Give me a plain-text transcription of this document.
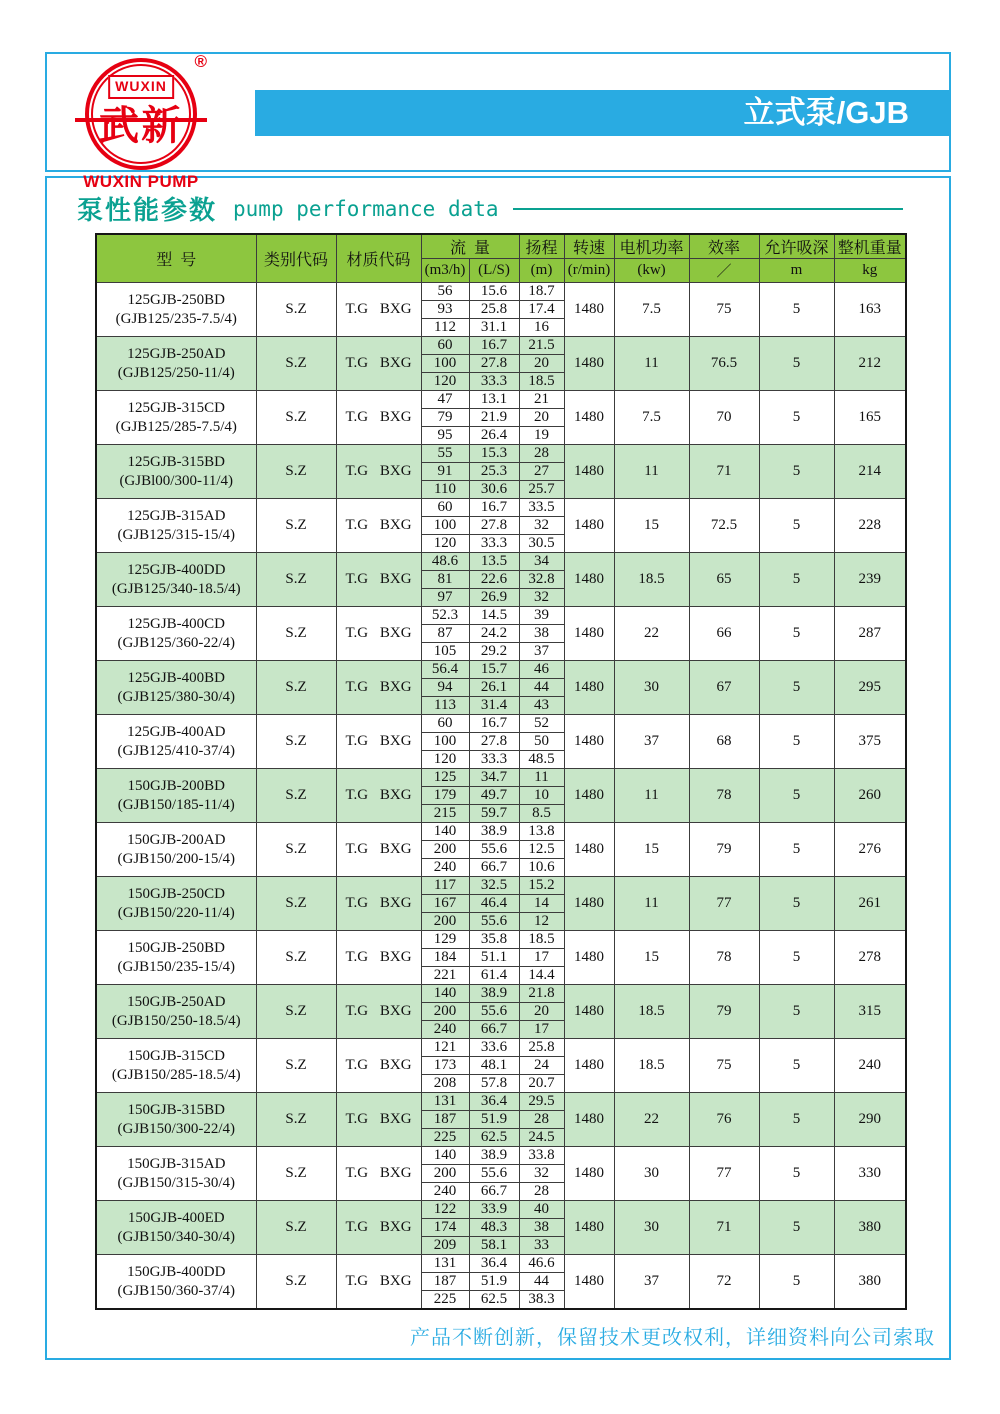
立式泵/GJB
®
WUXIN
武新
WUXIN PUMP
泵性能参数 pump performance data
型  号	类别代码	材质代码	流  量		扬程	转速	电机功率	效率	允许吸深	整机重量
			(m3/h)	(L/S)	(m)	(r/min)	(kw)	／	m	kg

125GJB-250BD
(GJB125/235-7.5/4)	S.Z	T.G BXG	56	15.6	18.7	1480	7.5	75	5	163
			93	25.8	17.4					
			112	31.1	16					

125GJB-250AD
(GJB125/250-11/4)	S.Z	T.G BXG	60	16.7	21.5	1480	11	76.5	5	212
			100	27.8	20					
			120	33.3	18.5					

125GJB-315CD
(GJB125/285-7.5/4)	S.Z	T.G BXG	47	13.1	21	1480	7.5	70	5	165
			79	21.9	20					
			95	26.4	19					

125GJB-315BD
(GJBl00/300-11/4)	S.Z	T.G BXG	55	15.3	28	1480	11	71	5	214
			91	25.3	27					
			110	30.6	25.7					

125GJB-315AD
(GJB125/315-15/4)	S.Z	T.G BXG	60	16.7	33.5	1480	15	72.5	5	228
			100	27.8	32					
			120	33.3	30.5					

125GJB-400DD
(GJB125/340-18.5/4)	S.Z	T.G BXG	48.6	13.5	34	1480	18.5	65	5	239
			81	22.6	32.8					
			97	26.9	32					

125GJB-400CD
(GJB125/360-22/4)	S.Z	T.G BXG	52.3	14.5	39	1480	22	66	5	287
			87	24.2	38					
			105	29.2	37					

125GJB-400BD
(GJB125/380-30/4)	S.Z	T.G BXG	56.4	15.7	46	1480	30	67	5	295
			94	26.1	44					
			113	31.4	43					

125GJB-400AD
(GJB125/410-37/4)	S.Z	T.G BXG	60	16.7	52	1480	37	68	5	375
			100	27.8	50					
			120	33.3	48.5					

150GJB-200BD
(GJB150/185-11/4)	S.Z	T.G BXG	125	34.7	11	1480	11	78	5	260
			179	49.7	10					
			215	59.7	8.5					

150GJB-200AD
(GJB150/200-15/4)	S.Z	T.G BXG	140	38.9	13.8	1480	15	79	5	276
			200	55.6	12.5					
			240	66.7	10.6					

150GJB-250CD
(GJB150/220-11/4)	S.Z	T.G BXG	117	32.5	15.2	1480	11	77	5	261
			167	46.4	14					
			200	55.6	12					

150GJB-250BD
(GJB150/235-15/4)	S.Z	T.G BXG	129	35.8	18.5	1480	15	78	5	278
			184	51.1	17					
			221	61.4	14.4					

150GJB-250AD
(GJB150/250-18.5/4)	S.Z	T.G BXG	140	38.9	21.8	1480	18.5	79	5	315
			200	55.6	20					
			240	66.7	17					

150GJB-315CD
(GJB150/285-18.5/4)	S.Z	T.G BXG	121	33.6	25.8	1480	18.5	75	5	240
			173	48.1	24					
			208	57.8	20.7					

150GJB-315BD
(GJB150/300-22/4)	S.Z	T.G BXG	131	36.4	29.5	1480	22	76	5	290
			187	51.9	28					
			225	62.5	24.5					

150GJB-315AD
(GJB150/315-30/4)	S.Z	T.G BXG	140	38.9	33.8	1480	30	77	5	330
			200	55.6	32					
			240	66.7	28					

150GJB-400ED
(GJB150/340-30/4)	S.Z	T.G BXG	122	33.9	40	1480	30	71	5	380
			174	48.3	38					
			209	58.1	33					

150GJB-400DD
(GJB150/360-37/4)	S.Z	T.G BXG	131	36.4	46.6	1480	37	72	5	380
			187	51.9	44					
			225	62.5	38.3					
产品不断创新，保留技术更改权利，详细资料向公司索取
